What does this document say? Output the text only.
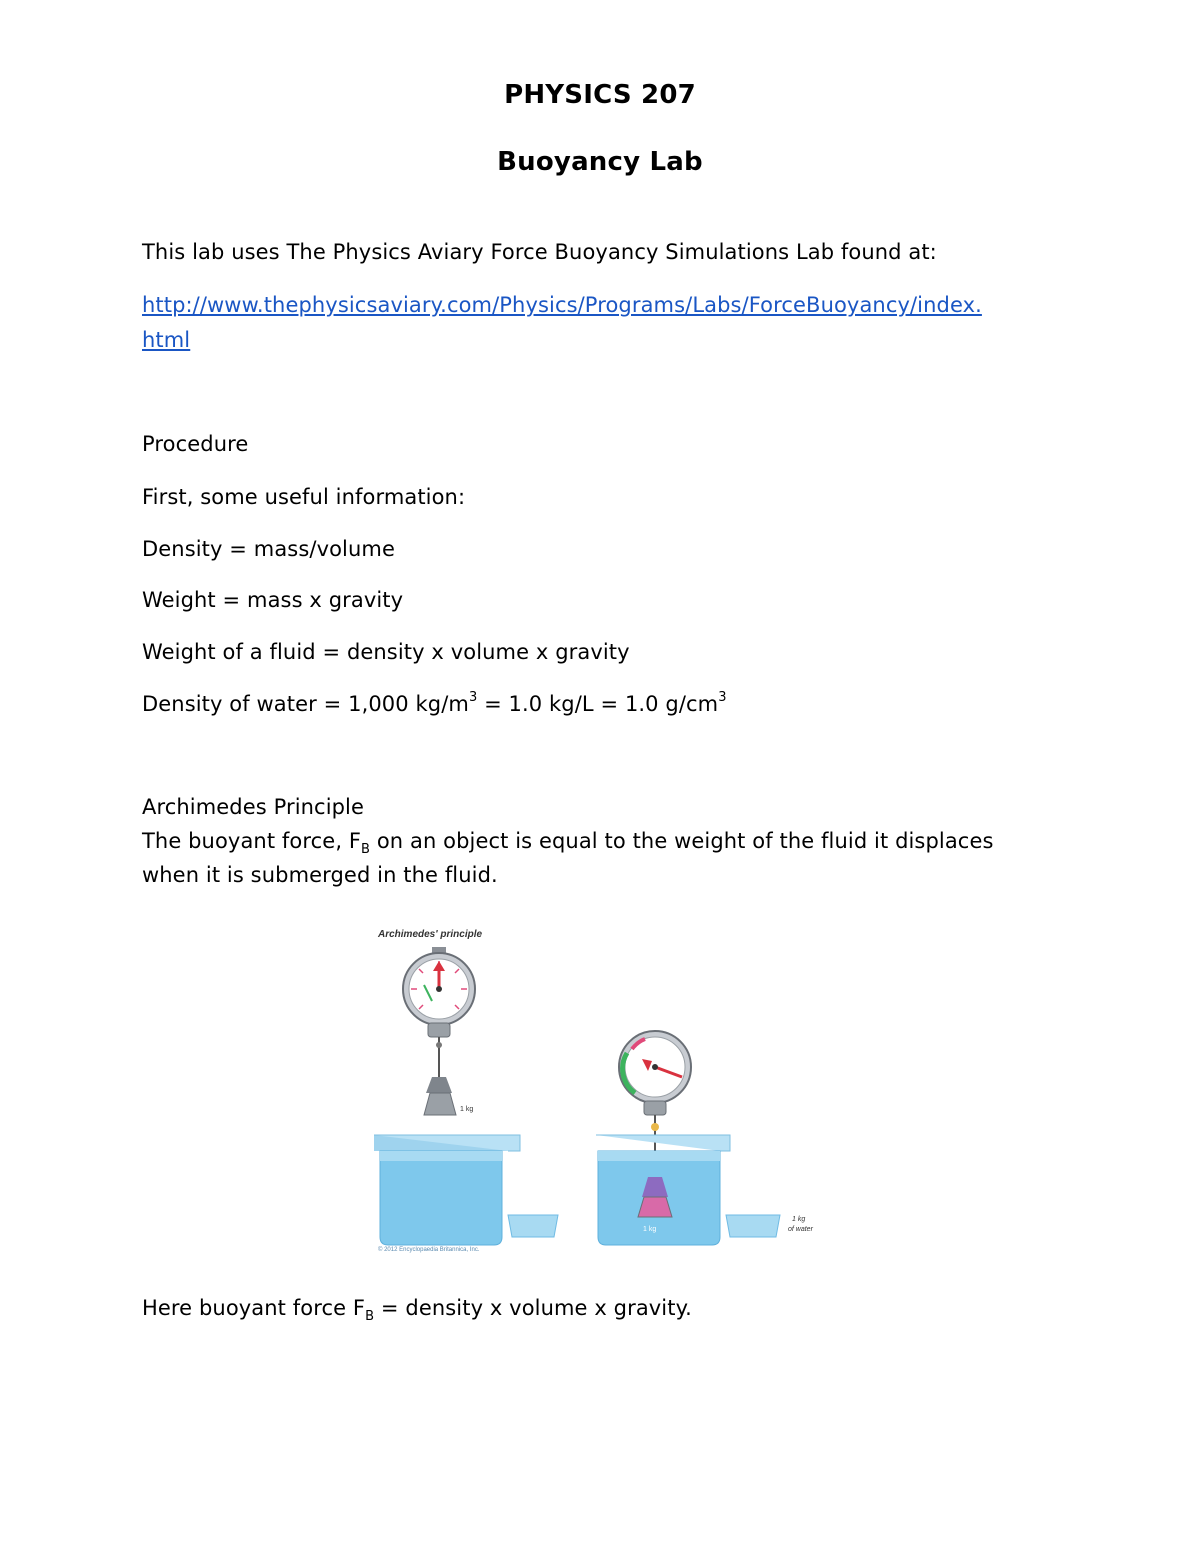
PHYSICS 207
Buoyancy Lab
This lab uses The Physics Aviary Force Buoyancy Simulations Lab found at:
http://www.thephysicsaviary.com/Physics/Programs/Labs/ForceBuoyancy/index.
html
Procedure
First, some useful information:
Density = mass/volume
Weight = mass x gravity
Weight of a fluid = density x volume x gravity
Density of water = 1,000 $kg/m^3 = 1.0$ kg/L = 1.0 $g/cm^3$
Archimedes Principle
The buoyant force, $F_B$ on an object is equal to the weight of the fluid it displaces
when it is submerged in the fluid.
Archimedes' principle
1 kg
1 kg
1 kg
of water
© 2012 Encyclopaedia Britannica, Inc.
Here buoyant force $F_B$ = density x volume x gravity.
